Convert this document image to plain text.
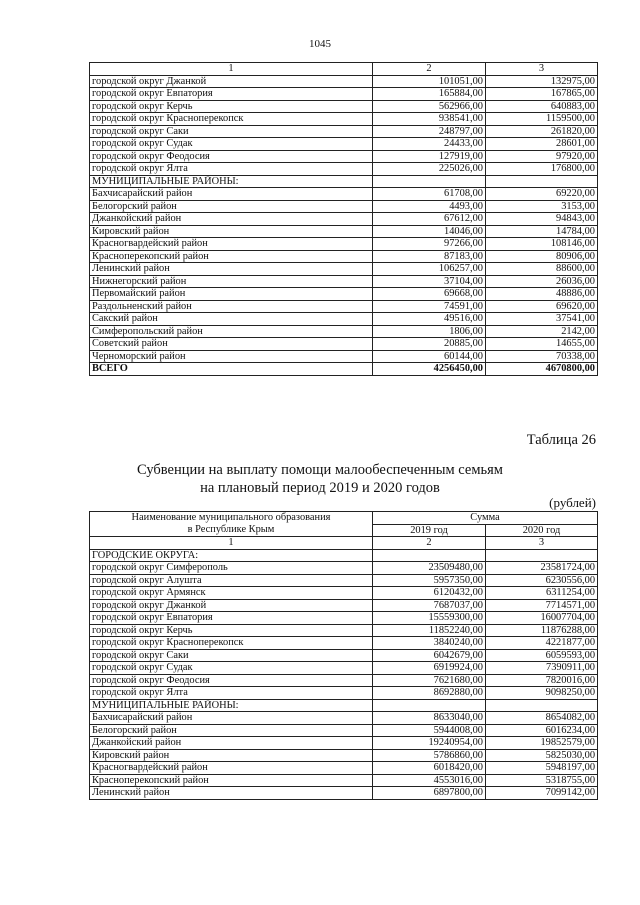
1045
1	2	3
городской округ Джанкой	101051,00	132975,00
городской округ Евпатория	165884,00	167865,00
городской округ Керчь	562966,00	640883,00
городской округ Красноперекопск	938541,00	1159500,00
городской округ Саки	248797,00	261820,00
городской округ Судак	24433,00	28601,00
городской округ Феодосия	127919,00	97920,00
городской округ Ялта	225026,00	176800,00
МУНИЦИПАЛЬНЫЕ РАЙОНЫ:		
Бахчисарайский район	61708,00	69220,00
Белогорский район	4493,00	3153,00
Джанкойский район	67612,00	94843,00
Кировский район	14046,00	14784,00
Красногвардейский район	97266,00	108146,00
Красноперекопский район	87183,00	80906,00
Ленинский район	106257,00	88600,00
Нижнегорский район	37104,00	26036,00
Первомайский район	69668,00	48886,00
Раздольненский район	74591,00	69620,00
Сакский район	49516,00	37541,00
Симферопольский район	1806,00	2142,00
Советский район	20885,00	14655,00
Черноморский район	60144,00	70338,00
ВСЕГО	4256450,00	4670800,00
Таблица 26
Субвенции на выплату помощи малообеспеченным семьям
на плановый период 2019 и 2020 годов
(рублей)
Наименование муниципального образования	Сумма	
в Республике Крым	2019 год	2020 год
1	2	3
ГОРОДСКИЕ ОКРУГА:		
городской округ Симферополь	23509480,00	23581724,00
городской округ Алушта	5957350,00	6230556,00
городской округ Армянск	6120432,00	6311254,00
городской округ Джанкой	7687037,00	7714571,00
городской округ Евпатория	15559300,00	16007704,00
городской округ Керчь	11852240,00	11876288,00
городской округ Красноперекопск	3840240,00	4221877,00
городской округ Саки	6042679,00	6059593,00
городской округ Судак	6919924,00	7390911,00
городской округ Феодосия	7621680,00	7820016,00
городской округ Ялта	8692880,00	9098250,00
МУНИЦИПАЛЬНЫЕ РАЙОНЫ:		
Бахчисарайский район	8633040,00	8654082,00
Белогорский район	5944008,00	6016234,00
Джанкойский район	19240954,00	19852579,00
Кировский район	5786860,00	5825030,00
Красногвардейский район	6018420,00	5948197,00
Красноперекопский район	4553016,00	5318755,00
Ленинский район	6897800,00	7099142,00
